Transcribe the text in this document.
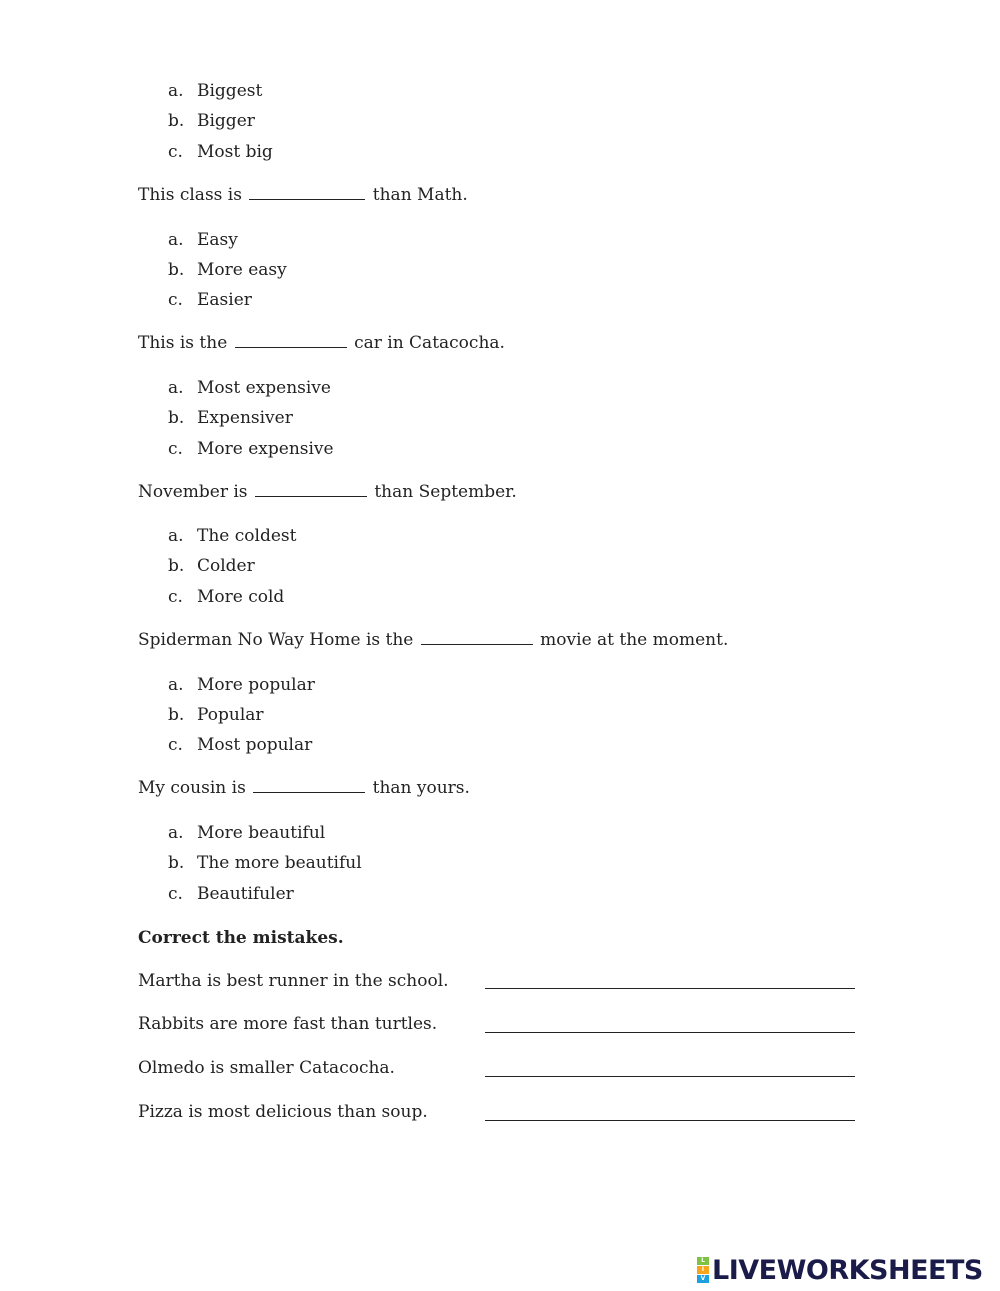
a. Biggest
b. Bigger
c. Most big
This class is	than Math.
a. Easy
b. More easy
c. Easier
This is the	car in Catacocha.
a. Most expensive
b. Expensiver
c. More expensive
November is	than September.
a. The coldest
b. Colder
c. More cold
Spiderman No Way Home is the	movie at the moment.
a. More popular
b. Popular
c. Most popular
My cousin is	than yours.
a. More beautiful
b. The more beautiful
c. Beautifuler
Correct the mistakes.
Martha is best runner in the school.
Rabbits are more fast than turtles.
Olmedo is smaller Catacocha.
Pizza is most delicious than soup.
L
I
V LIVEWORKSHEETS
